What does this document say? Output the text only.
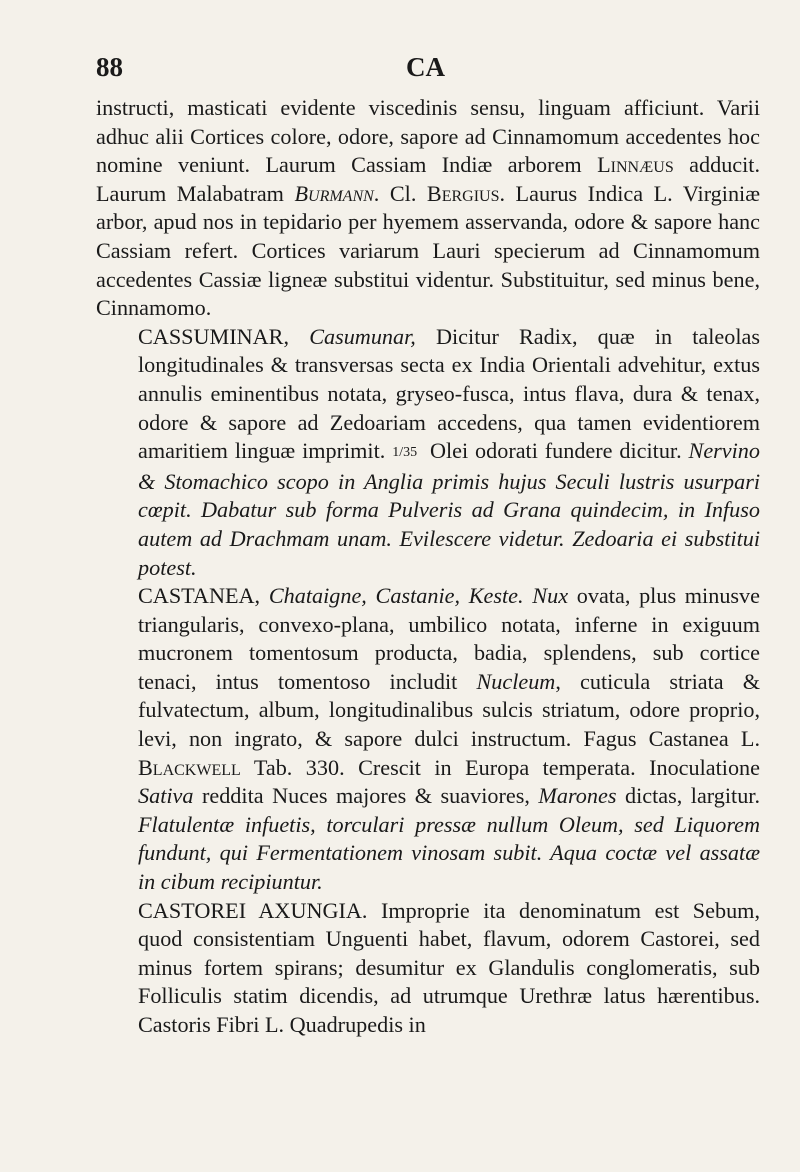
88	CA

instructi, masticati evidente viscedinis sensu, linguam afficiunt. Varii adhuc alii Cortices colore, odore, sapore ad Cinnamomum accedentes hoc nomine veniunt. Laurum Cassiam Indiæ arborem Linnæus adducit. Laurum Malabatram Burmann. Cl. Bergius. Laurus Indica L. Virginiæ arbor, apud nos in tepidario per hyemem asservanda, odore & sapore hanc Cassiam refert. Cortices variarum Lauri specierum ad Cinnamomum accedentes Cassiæ ligneæ substitui videntur. Substituitur, sed minus bene, Cinnamomo.

CASSUMINAR, Casumunar, Dicitur Radix, quæ in taleolas longitudinales & transversas secta ex India Orientali advehitur, extus annulis eminentibus notata, gryseo-fusca, intus flava, dura & tenax, odore & sapore ad Zedoariam accedens, qua tamen evidentiorem amaritiem linguæ imprimit. 1/35 Olei odorati fundere dicitur. Nervino & Stomachico scopo in Anglia primis hujus Seculi lustris usurpari cœpit. Dabatur sub forma Pulveris ad Grana quindecim, in Infuso autem ad Drachmam unam. Evilescere videtur. Zedoaria ei substitui potest.

CASTANEA, Chataigne, Castanie, Keste. Nux ovata, plus minusve triangularis, convexo-plana, umbilico notata, inferne in exiguum mucronem tomentosum producta, badia, splendens, sub cortice tenaci, intus tomentoso includit Nucleum, cuticula striata & fulvatectum, album, longitudinalibus sulcis striatum, odore proprio, levi, non ingrato, & sapore dulci instructum. Fagus Castanea L. Blackwell Tab. 330. Crescit in Europa temperata. Inoculatione Sativa reddita Nuces majores & suaviores, Marones dictas, largitur. Flatulentæ infuetis, torculari pressæ nullum Oleum, sed Liquorem fundunt, qui Fermentationem vinosam subit. Aqua coctæ vel assatæ in cibum recipiuntur.

CASTOREI AXUNGIA. Improprie ita denominatum est Sebum, quod consistentiam Unguenti habet, flavum, odorem Castorei, sed minus fortem spirans; desumitur ex Glandulis conglomeratis, sub Folliculis statim dicendis, ad utrumque Urethræ latus hærentibus. Castoris Fibri L. Quadrupedis in
